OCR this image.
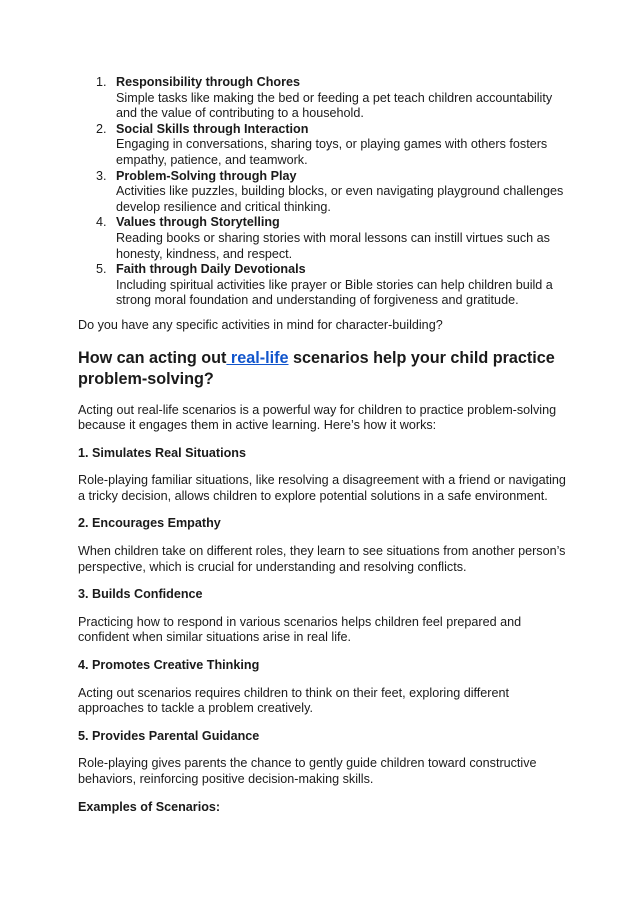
1. Responsibility through Chores
Simple tasks like making the bed or feeding a pet teach children accountability and the value of contributing to a household.
2. Social Skills through Interaction
Engaging in conversations, sharing toys, or playing games with others fosters empathy, patience, and teamwork.
3. Problem-Solving through Play
Activities like puzzles, building blocks, or even navigating playground challenges develop resilience and critical thinking.
4. Values through Storytelling
Reading books or sharing stories with moral lessons can instill virtues such as honesty, kindness, and respect.
5. Faith through Daily Devotionals
Including spiritual activities like prayer or Bible stories can help children build a strong moral foundation and understanding of forgiveness and gratitude.

Do you have any specific activities in mind for character-building?

How can acting out real-life scenarios help your child practice problem-solving?

Acting out real-life scenarios is a powerful way for children to practice problem-solving because it engages them in active learning. Here’s how it works:

1. Simulates Real Situations

Role-playing familiar situations, like resolving a disagreement with a friend or navigating a tricky decision, allows children to explore potential solutions in a safe environment.

2. Encourages Empathy

When children take on different roles, they learn to see situations from another person’s perspective, which is crucial for understanding and resolving conflicts.

3. Builds Confidence

Practicing how to respond in various scenarios helps children feel prepared and confident when similar situations arise in real life.

4. Promotes Creative Thinking

Acting out scenarios requires children to think on their feet, exploring different approaches to tackle a problem creatively.

5. Provides Parental Guidance

Role-playing gives parents the chance to gently guide children toward constructive behaviors, reinforcing positive decision-making skills.

Examples of Scenarios:
